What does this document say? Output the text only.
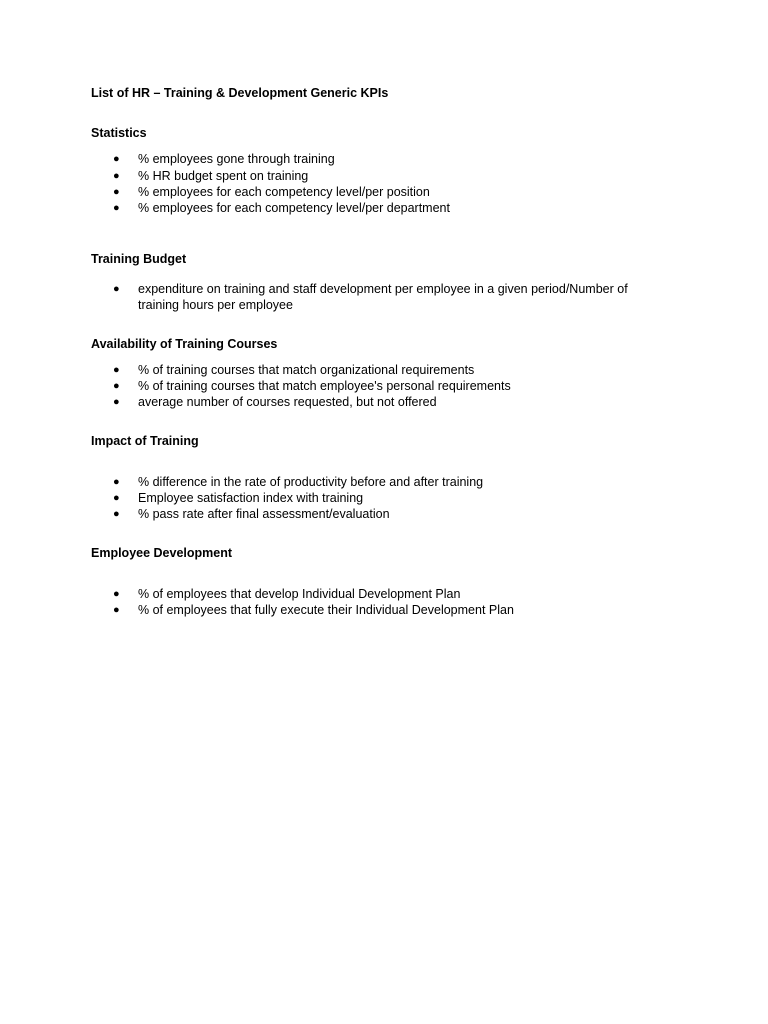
List of HR – Training & Development Generic KPIs
Statistics
● % employees gone through training
● % HR budget spent on training
● % employees for each competency level/per position
● % employees for each competency level/per department
Training Budget
● expenditure on training and staff development per employee in a given period/Number of
training hours per employee
Availability of Training Courses
● % of training courses that match organizational requirements
● % of training courses that match employee's personal requirements
● average number of courses requested, but not offered
Impact of Training
● % difference in the rate of productivity before and after training
● Employee satisfaction index with training
● % pass rate after final assessment/evaluation
Employee Development
● % of employees that develop Individual Development Plan
● % of employees that fully execute their Individual Development Plan
